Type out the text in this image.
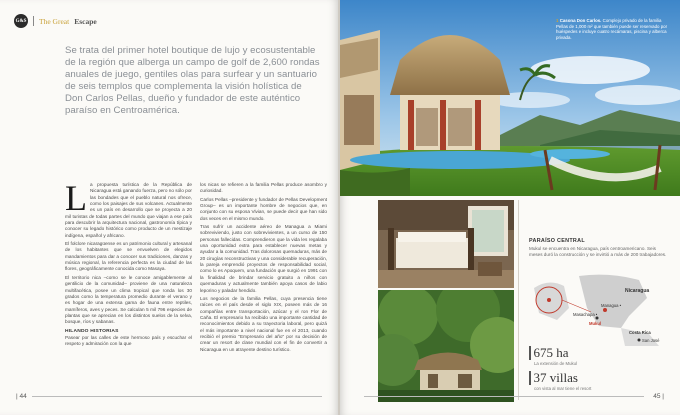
G&S The Great Escape
Se trata del primer hotel boutique de lujo y ecosustentable de la región que alberga un campo de golf de 2,600 rondas anuales de juego, gentiles olas para surfear y un santuario de seis templos que complementa la visión holística de Don Carlos Pellas, dueño y fundador de este auténtico paraíso en Centroamérica.
L a propuesta turística de la República de Nicaragua está ganando fuerza, pero no sólo por las bondades que el pueblo natural nos ofrece, como los paisajes de sus volcanes. Actualmente es un país en desarrollo que se proyecta a 20 mil turistas de todas partes del mundo que viajan a ese país para descubrir la arquitectura nacional, gastronomía típica y conocer su legado histórico como producto de un mestizaje indígena, español y africano.

El folclore nicaragüense es un patrimonio cultural y artesanal de los habitantes que se envuelven de elegidos mandamientos para dar a conocer sus tradiciones, danzas y música regional, la referencia perfecta es la ciudad de las flores, geográficamente conocida como Masaya.

El territorio nica –como se le conoce amigablemente al gentilicio de la comunidad– proviene de una naturaleza multifacética, posee un clima tropical que ronda los 30 grados como la temperatura promedio durante el verano y es hogar de una extensa gama de fauna entre reptiles, mamíferos, aves y peces. Se calculan 5 mil 796 especies de plantas que se aprecian en los distintos suelos de la selva, bosque, ríos y sabanas.

HILANDO HISTORIAS

Pasear por las calles de este hermoso país y escuchar el respeto y admiración con la que

los nicas se refieren a la familia Pellas produce asombro y curiosidad.

Carlos Pellas –presidente y fundador de Pellas Development Group– es un importante hombre de negocios que, en conjunto con su esposa Vivian, se puede decir que han sido dos veces en el mismo mundo.

Tras sufrir un accidente aéreo de Managua a Miami sobreviviendo, justo con sobrevivientes, a un curso de 150 personas fallecidas. Comprendieron que la vida les regalaba una oportunidad extra para establecer nuevas metas y ayudar a la comunidad. Tras dolorosas quemaduras, más de 20 cirugías reconstructivas y una considerable recuperación, la pareja emprendió proyectos de responsabilidad social, como lo es Apoquem, una fundación que surgió en 1991 con la finalidad de brindar servicio gratuito a niños con quemaduras y actualmente también apoya casos de labio leporino y paladar hendido.

Los negocios de la familia Pellas, cuya presencia tiene raíces en el país desde el siglo XIX, poseen más de 16 compañías entre transportación, azúcar y el ron Flor de Caña. El empresario ha recibido una importante cantidad de reconocimientos debido a su trayectoria laboral, pero quizá el más importante a nivel nacional fue en el 2013, cuando recibió el premio "Empresario del año" por su decisión de crear un resort de clase mundial con el fin de convertir a Nicaragua en un atrayente destino turístico.

| 44
1 Casona Don Carlos. Complejo privado de la familia Pellas de 1,000 m² que también puede ser reservado por huéspedes e incluye cuatro recámaras, piscina y alberca privada.
PARAÍSO CENTRAL
Mukul se encuentra en Nicaragua, país centroamericano. Seis meses duró la construcción y se invirtió a más de 200 trabajadores.
Nicaragua
Managua •
Masachapa •
Mukul
Costa Rica
San José
675 ha
La extensión de Mukul
37 villas
con vista al mar tiene el resort
45 |
